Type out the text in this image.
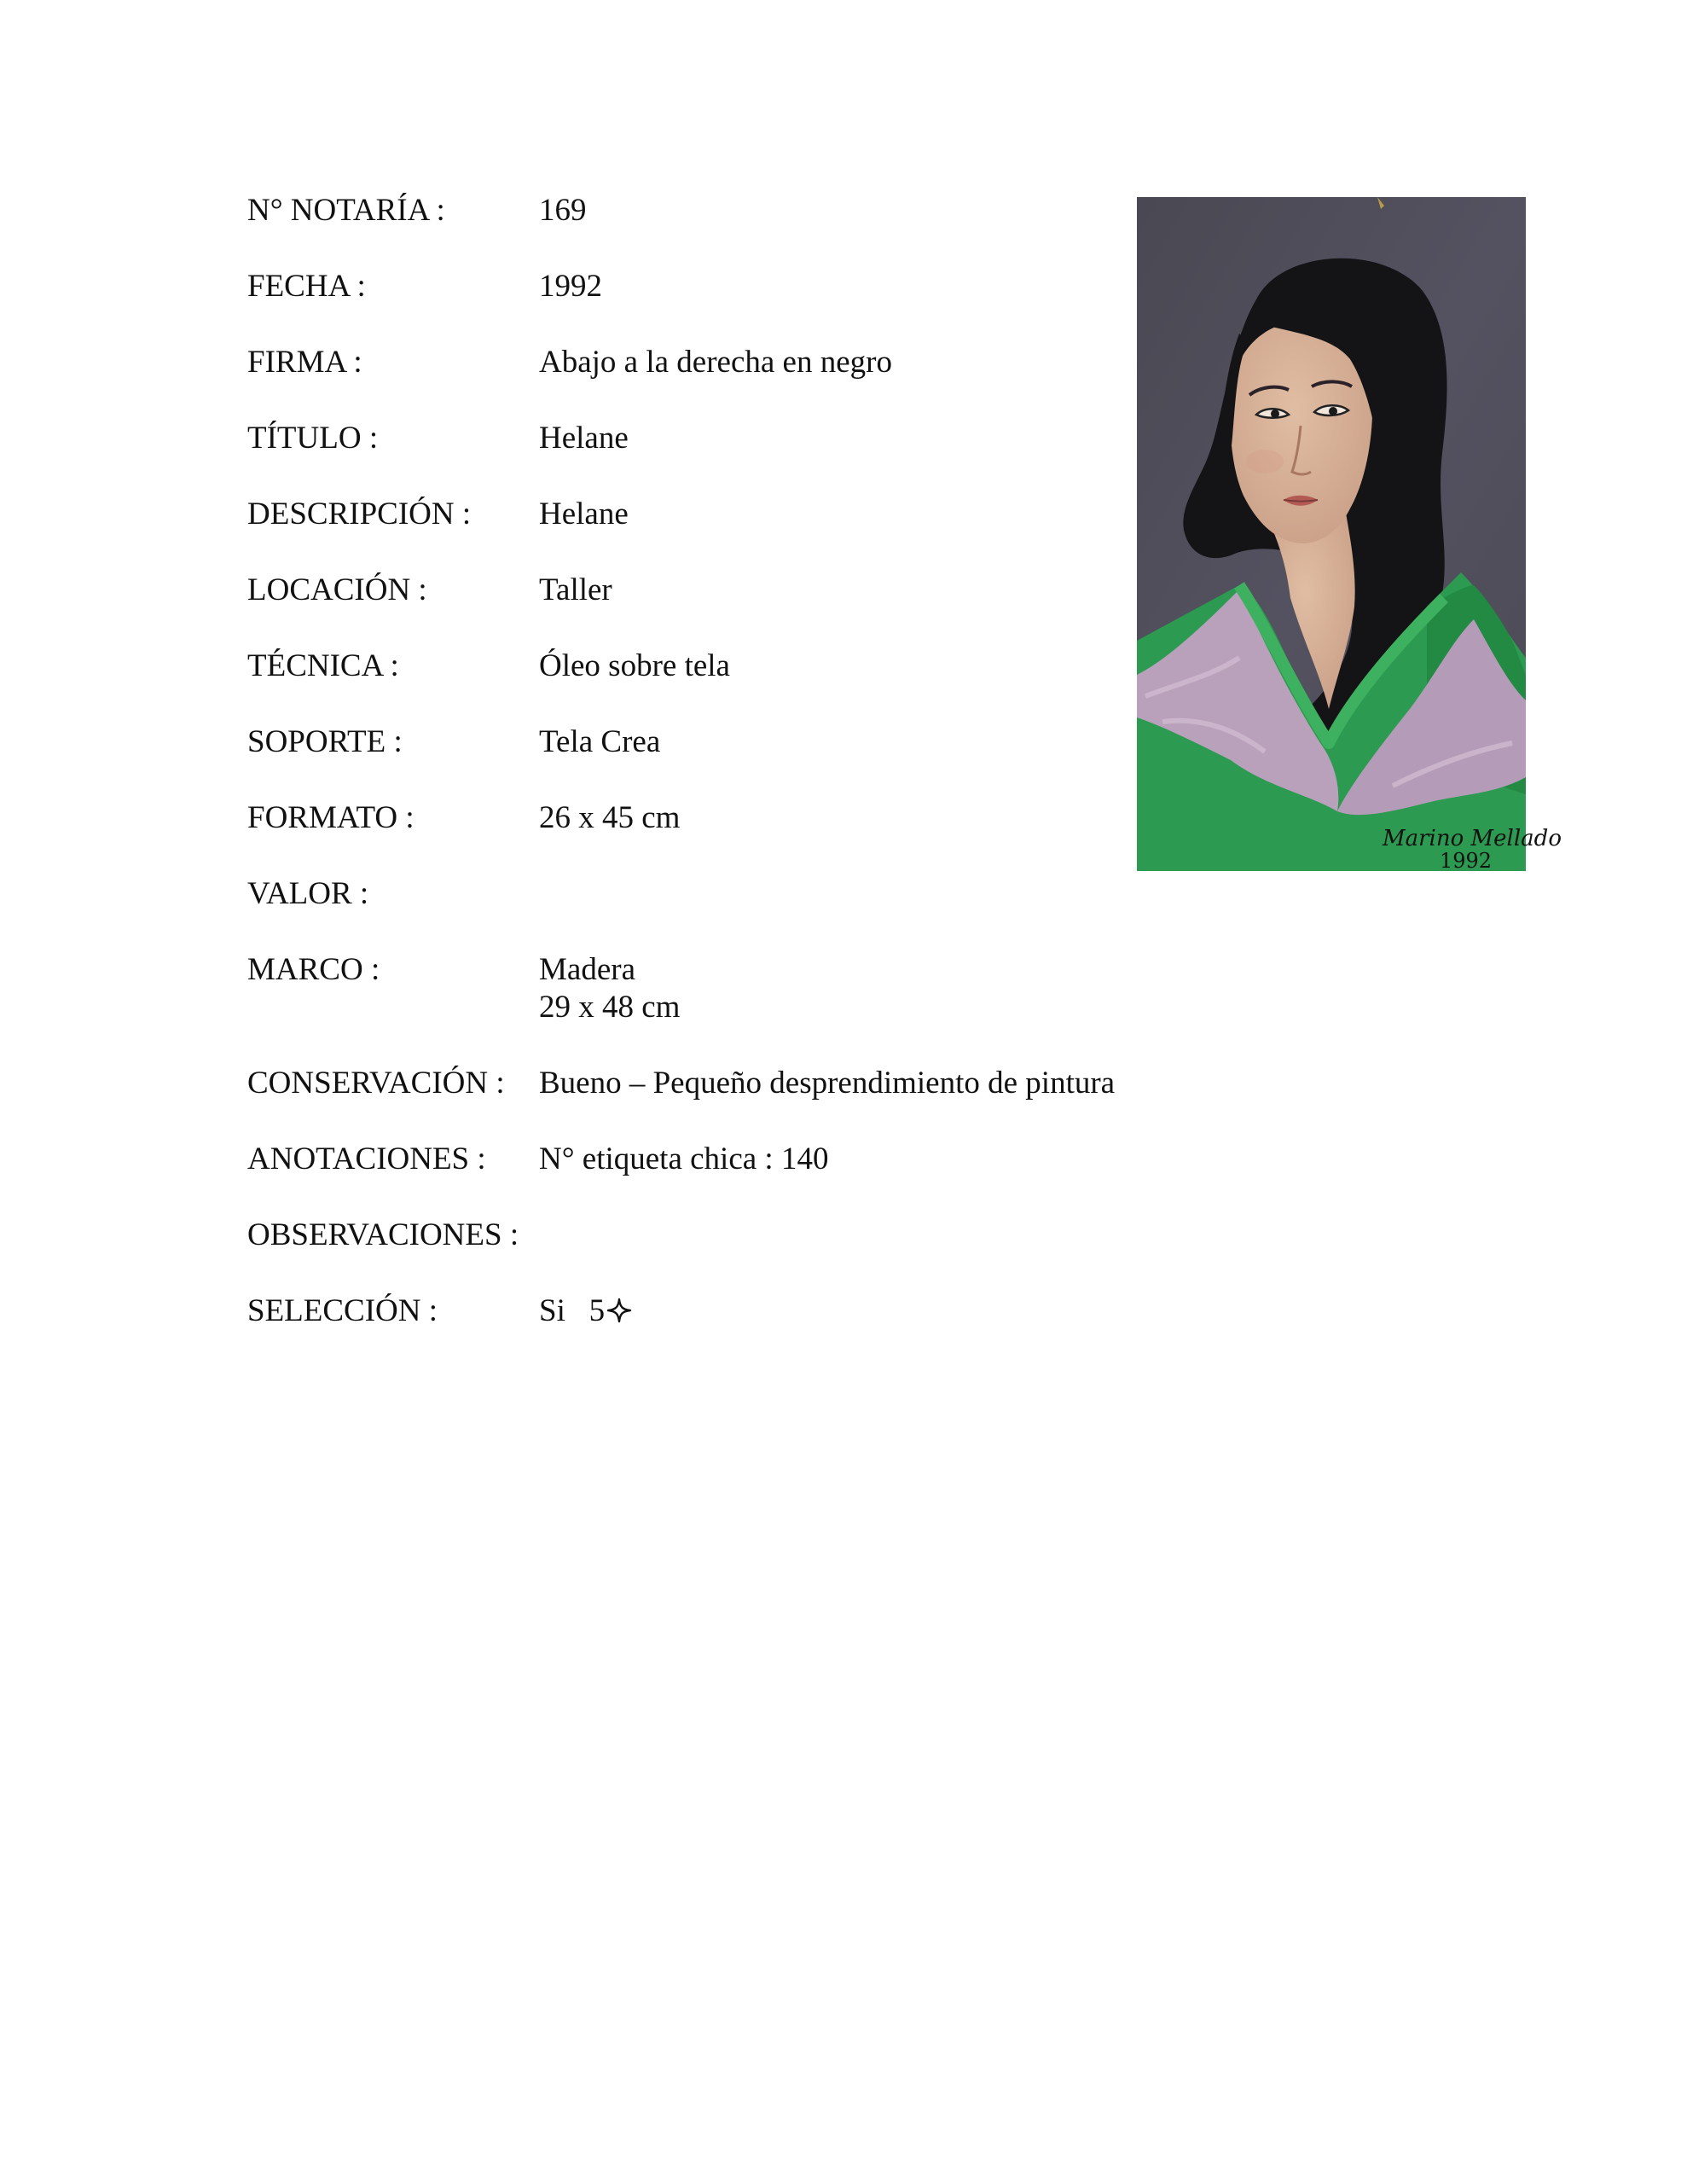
N° NOTARÍA :	169
FECHA :	1992
FIRMA :	Abajo a la derecha en negro
TÍTULO :	Helane
DESCRIPCIÓN :	Helane
LOCACIÓN :	Taller
TÉCNICA :	Óleo sobre tela
SOPORTE :	Tela Crea
FORMATO :	26 x 45 cm
VALOR :
MARCO :	Madera
29 x 48 cm
CONSERVACIÓN :	Bueno – Pequeño desprendimiento de pintura
ANOTACIONES :	N° etiqueta chica : 140
OBSERVACIONES :
SELECCIÓN :	Si   5
Marino Mellado
1992
